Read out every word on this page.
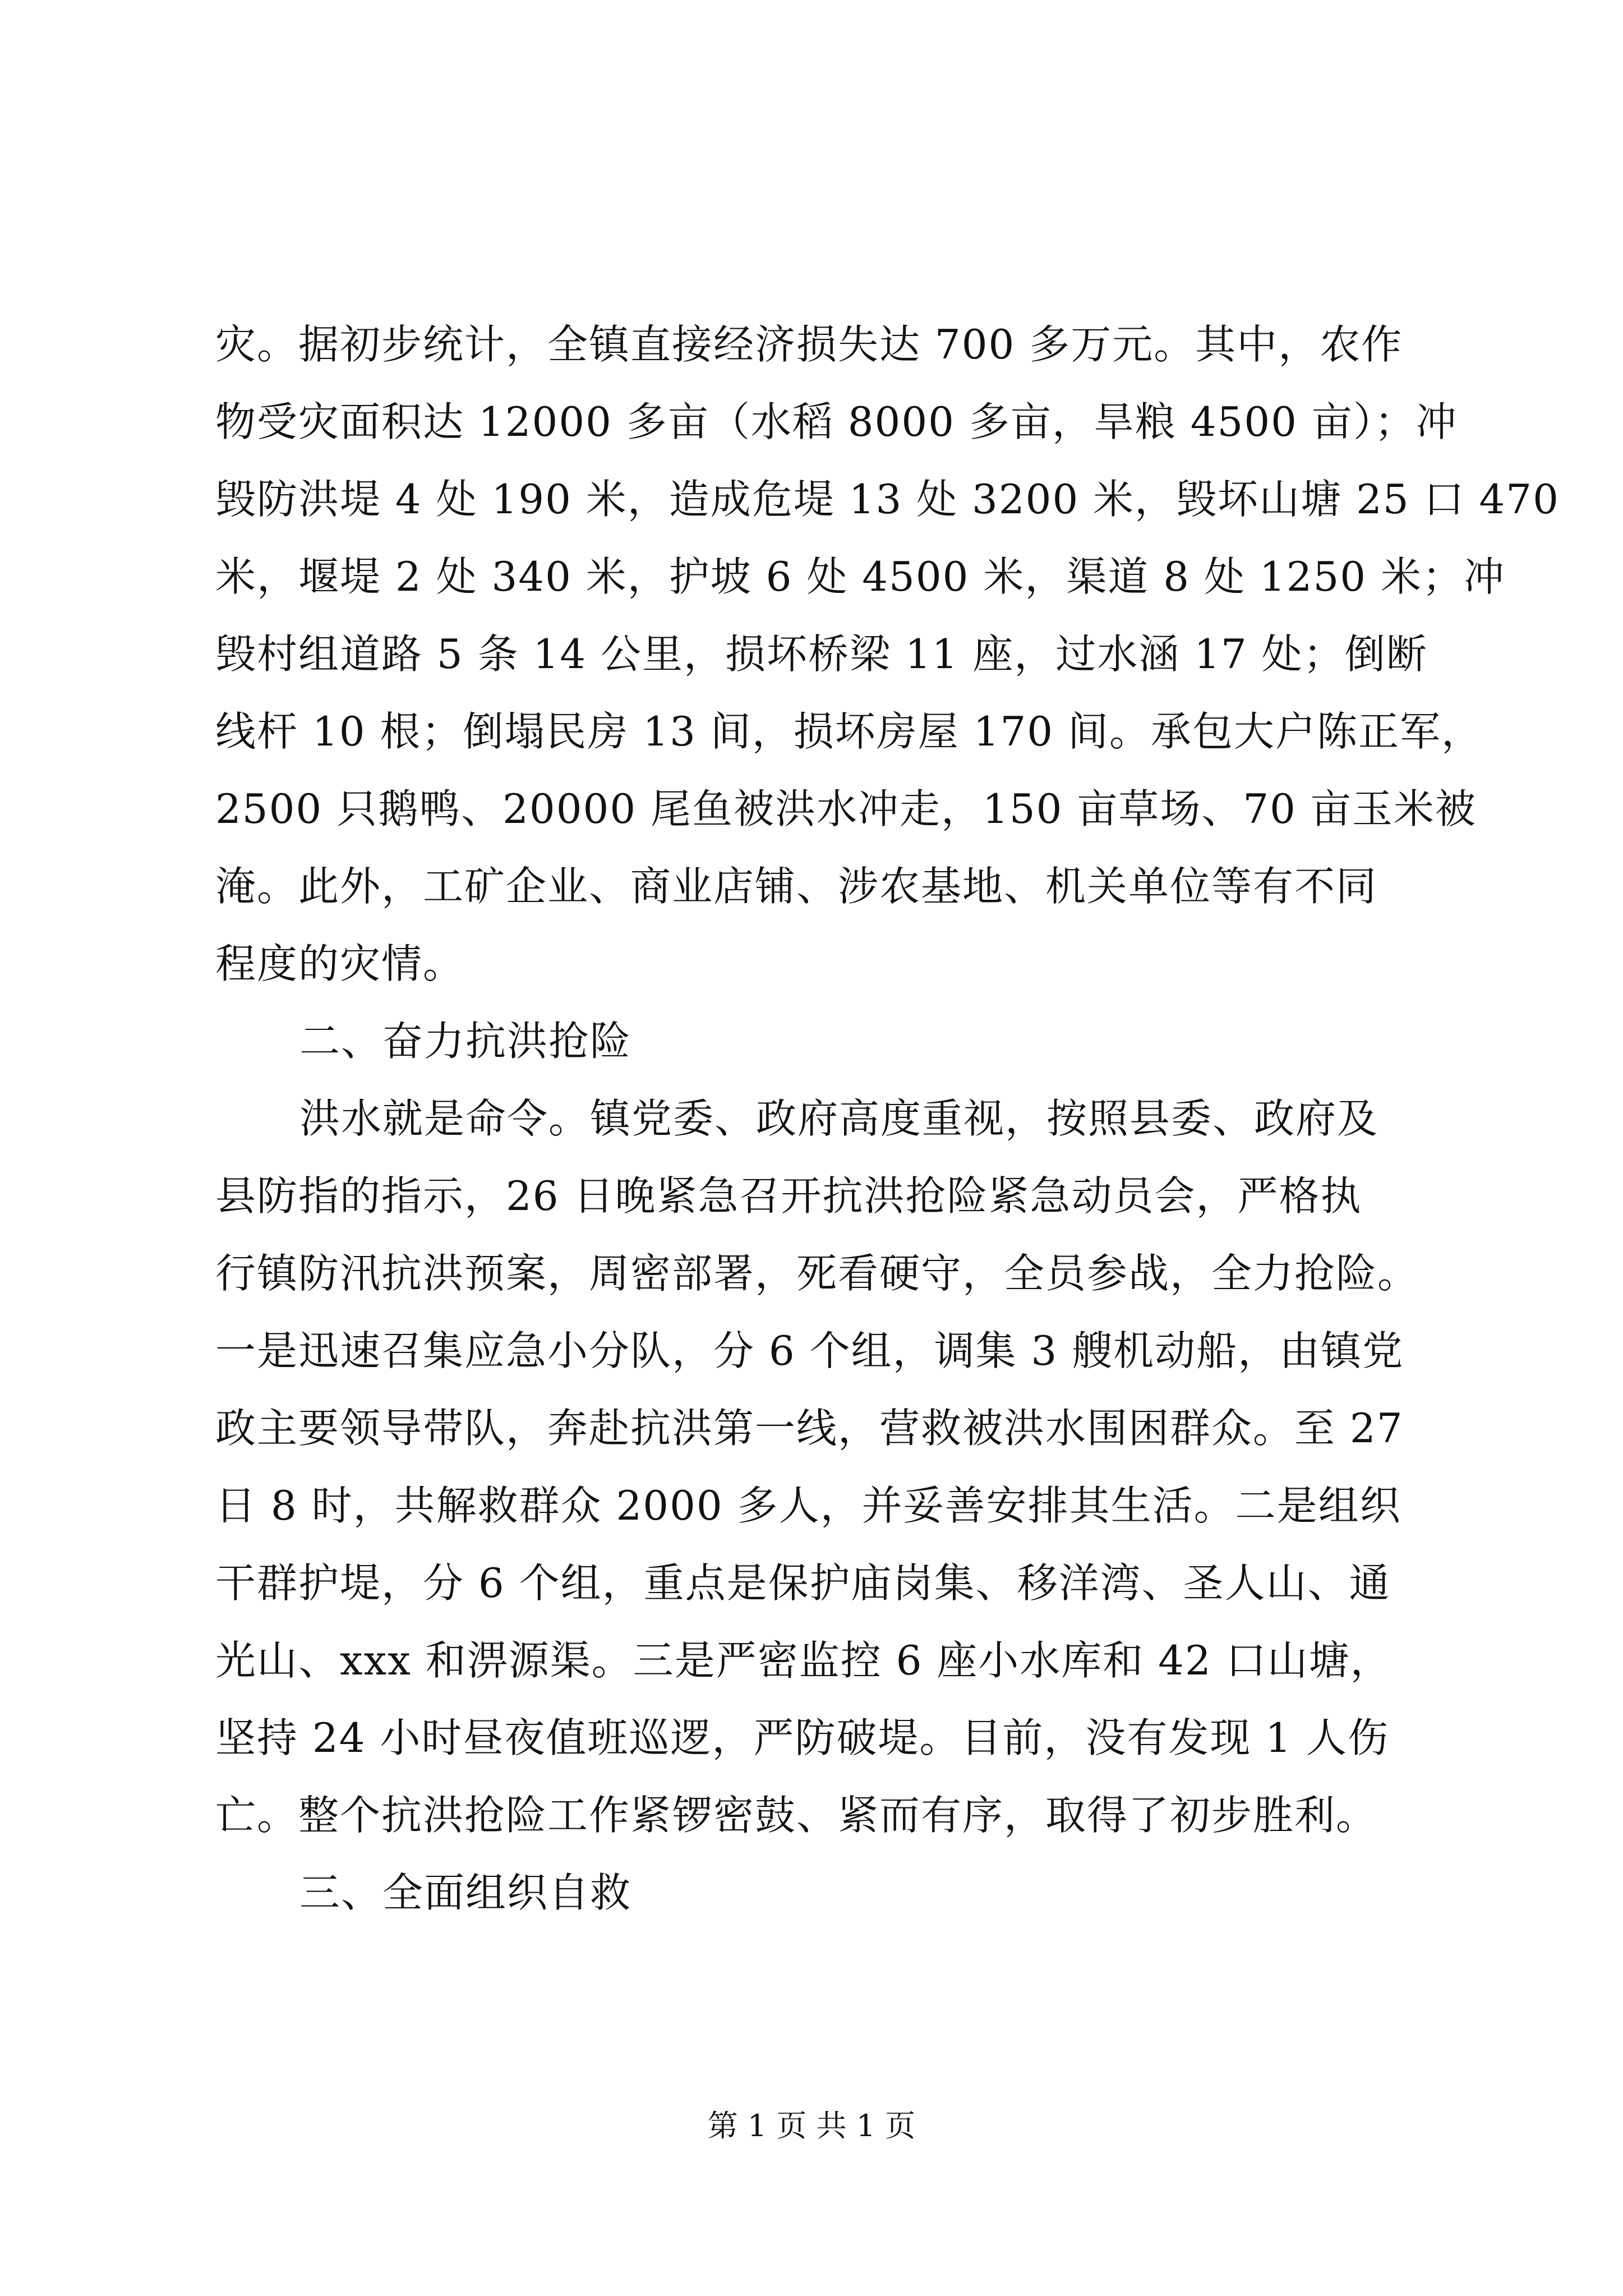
灾。据初步统计，全镇直接经济损失达 700 多万元。其中，农作
物受灾面积达 12000 多亩（水稻 8000 多亩，旱粮 4500 亩）；冲
毁防洪堤 4 处 190 米，造成危堤 13 处 3200 米，毁坏山塘 25 口 470
米，堰堤 2 处 340 米，护坡 6 处 4500 米，渠道 8 处 1250 米；冲
毁村组道路 5 条 14 公里，损坏桥梁 11 座，过水涵 17 处；倒断
线杆 10 根；倒塌民房 13 间，损坏房屋 170 间。承包大户陈正军，
2500 只鹅鸭、20000 尾鱼被洪水冲走，150 亩草场、70 亩玉米被
淹。此外，工矿企业、商业店铺、涉农基地、机关单位等有不同
程度的灾情。
二、奋力抗洪抢险
洪水就是命令。镇党委、政府高度重视，按照县委、政府及
县防指的指示，26 日晚紧急召开抗洪抢险紧急动员会，严格执
行镇防汛抗洪预案，周密部署，死看硬守，全员参战，全力抢险。
一是迅速召集应急小分队，分 6 个组，调集 3 艘机动船，由镇党
政主要领导带队，奔赴抗洪第一线，营救被洪水围困群众。至 27
日 8 时，共解救群众 2000 多人，并妥善安排其生活。二是组织
干群护堤，分 6 个组，重点是保护庙岗集、移洋湾、圣人山、通
光山、xxx 和淠源渠。三是严密监控 6 座小水库和 42 口山塘，
坚持 24 小时昼夜值班巡逻，严防破堤。目前，没有发现 1 人伤
亡。整个抗洪抢险工作紧锣密鼓、紧而有序，取得了初步胜利。
三、全面组织自救
第 1 页 共 1 页
